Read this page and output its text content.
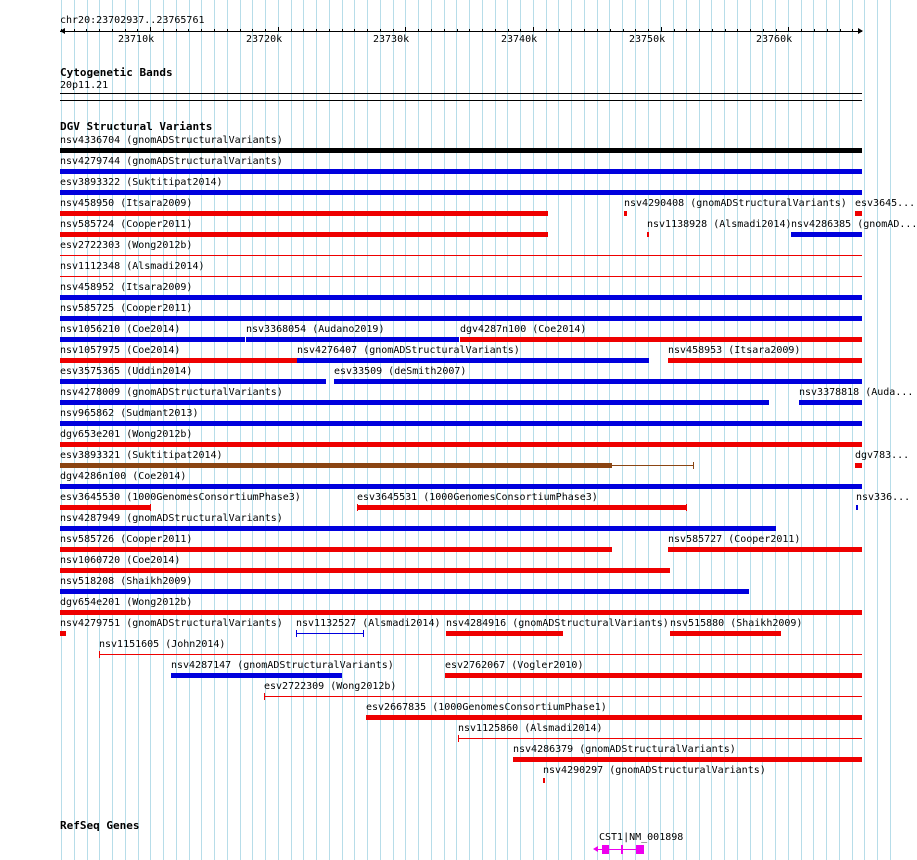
chr20:23702937..23765761
23710k	23720k	23730k	23740k	23750k	23760k
Cytogenetic Bands
20p11.21
DGV Structural Variants
nsv4336704 (gnomADStructuralVariants)
nsv4279744 (gnomADStructuralVariants)
esv3893322 (Suktitipat2014)
nsv458950 (Itsara2009)	nsv4290408 (gnomADStructuralVariants) esv3645...
nsv585724 (Cooper2011)	nsv1138928 (Alsmadi2014) nsv4286385 (gnomAD...
esv2722303 (Wong2012b)
nsv1112348 (Alsmadi2014)
nsv458952 (Itsara2009)
nsv585725 (Cooper2011)
nsv1056210 (Coe2014)	nsv3368054 (Audano2019)	dgv4287n100 (Coe2014)
nsv1057975 (Coe2014)	nsv4276407 (gnomADStructuralVariants)	nsv458953 (Itsara2009)
esv3575365 (Uddin2014)	esv33509 (deSmith2007)
nsv4278009 (gnomADStructuralVariants)	nsv3378818 (Auda...
nsv965862 (Sudmant2013)
dgv653e201 (Wong2012b)
esv3893321 (Suktitipat2014)	dgv783...
dgv4286n100 (Coe2014)
esv3645530 (1000GenomesConsortiumPhase3)	esv3645531 (1000GenomesConsortiumPhase3)	nsv336...
nsv4287949 (gnomADStructuralVariants)
nsv585726 (Cooper2011)	nsv585727 (Cooper2011)
nsv1060720 (Coe2014)
nsv518208 (Shaikh2009)
dgv654e201 (Wong2012b)
nsv4279751 (gnomADStructuralVariants) nsv1132527 (Alsmadi2014) nsv4284916 (gnomADStructuralVariants) nsv515880 (Shaikh2009)
nsv1151605 (John2014)
nsv4287147 (gnomADStructuralVariants)	esv2762067 (Vogler2010)
esv2722309 (Wong2012b)
esv2667835 (1000GenomesConsortiumPhase1)
nsv1125860 (Alsmadi2014)
nsv4286379 (gnomADStructuralVariants)
nsv4290297 (gnomADStructuralVariants)
RefSeq Genes
CST1|NM_001898
